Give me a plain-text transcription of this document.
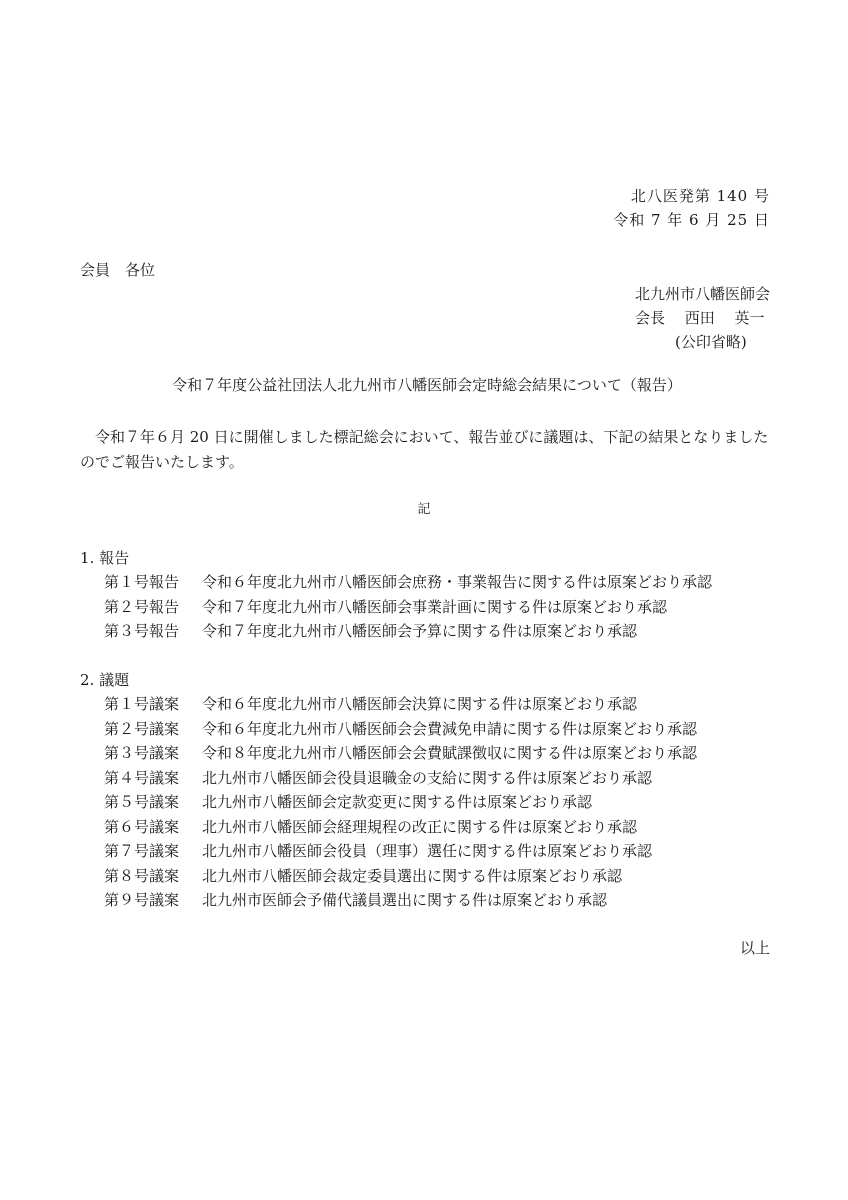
北八医発第 140 号
令和 7 年 6 月 25 日
会員　各位
北九州市八幡医師会
会長　 西田　 英一
(公印省略)
令和７年度公益社団法人北九州市八幡医師会定時総会結果について（報告）
令和７年６月 20 日に開催しました標記総会において、報告並びに議題は、下記の結果となりましたのでご報告いたします。
記
1. 報告
第１号報告 令和６年度北九州市八幡医師会庶務・事業報告に関する件は原案どおり承認
第２号報告 令和７年度北九州市八幡医師会事業計画に関する件は原案どおり承認
第３号報告 令和７年度北九州市八幡医師会予算に関する件は原案どおり承認
2. 議題
第１号議案 令和６年度北九州市八幡医師会決算に関する件は原案どおり承認
第２号議案 令和６年度北九州市八幡医師会会費減免申請に関する件は原案どおり承認
第３号議案 令和８年度北九州市八幡医師会会費賦課徴収に関する件は原案どおり承認
第４号議案 北九州市八幡医師会役員退職金の支給に関する件は原案どおり承認
第５号議案 北九州市八幡医師会定款変更に関する件は原案どおり承認
第６号議案 北九州市八幡医師会経理規程の改正に関する件は原案どおり承認
第７号議案 北九州市八幡医師会役員（理事）選任に関する件は原案どおり承認
第８号議案 北九州市八幡医師会裁定委員選出に関する件は原案どおり承認
第９号議案 北九州市医師会予備代議員選出に関する件は原案どおり承認
以上
